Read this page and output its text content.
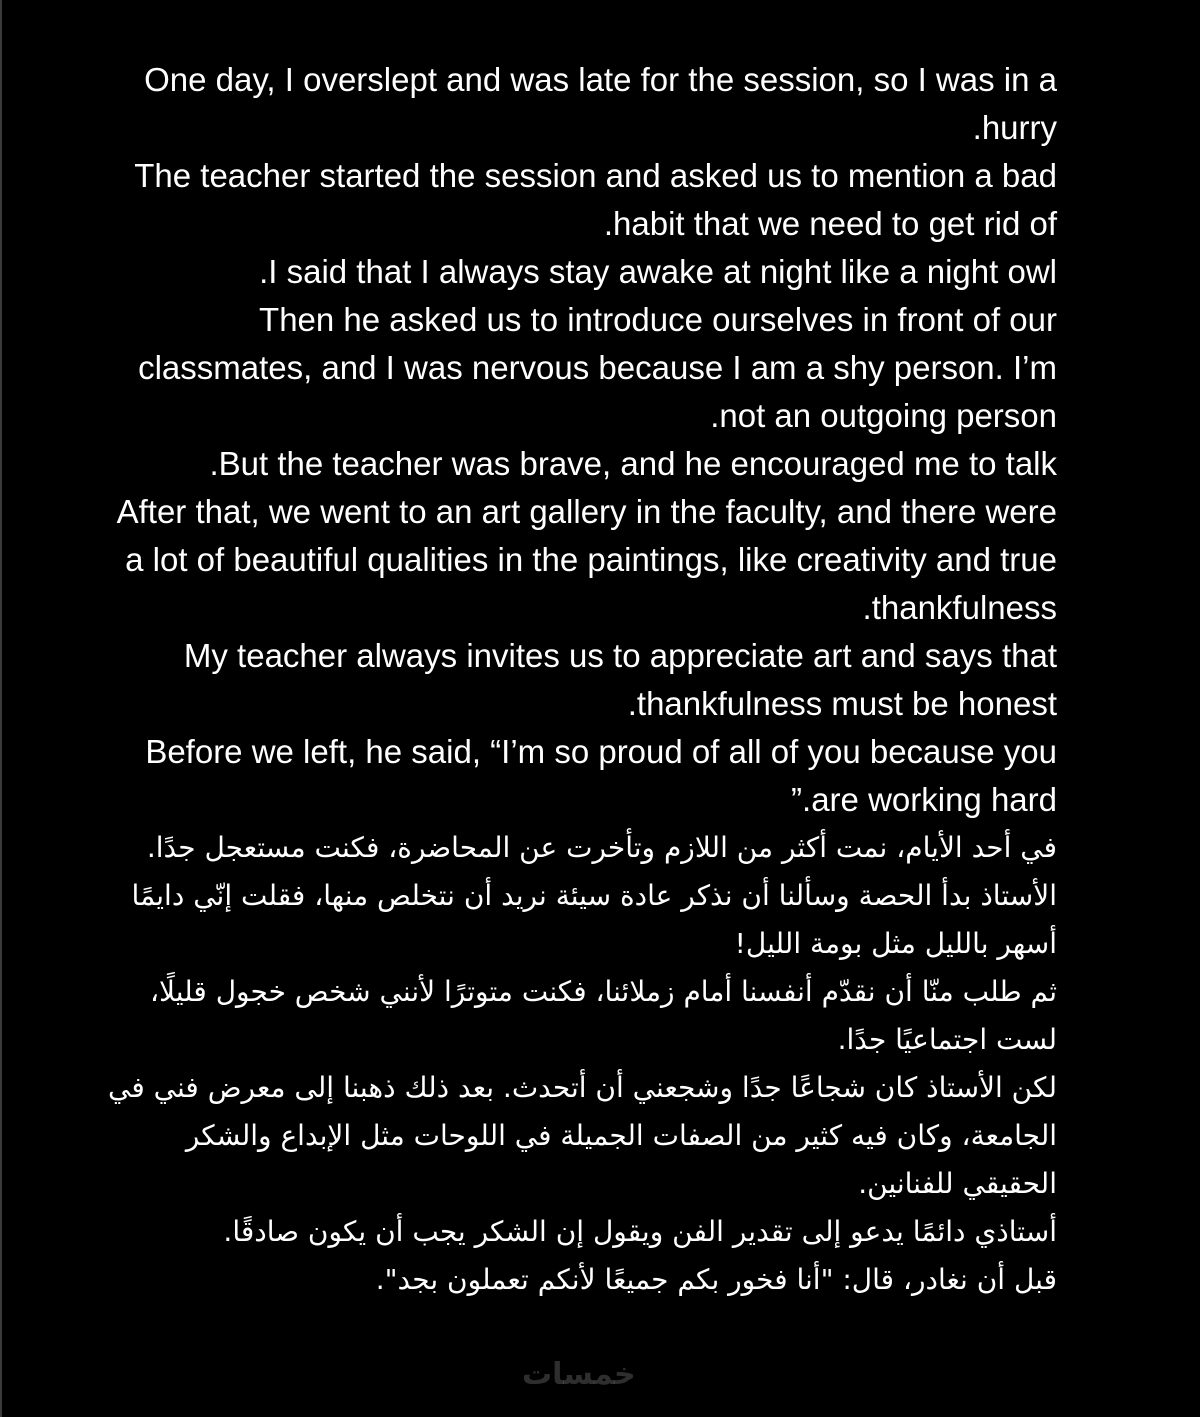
One day, I overslept and was late for the session, so I was in a hurry.

The teacher started the session and asked us to mention a bad habit that we need to get rid of.

I said that I always stay awake at night like a night owl.

Then he asked us to introduce ourselves in front of our classmates, and I was nervous because I am a shy person. I’m not an outgoing person.

But the teacher was brave, and he encouraged me to talk.

After that, we went to an art gallery in the faculty, and there were a lot of beautiful qualities in the paintings, like creativity and true thankfulness.

My teacher always invites us to appreciate art and says that thankfulness must be honest.

Before we left, he said, “I’m so proud of all of you because you are working hard.”

في أحد الأيام، نمت أكثر من اللازم وتأخرت عن المحاضرة، فكنت مستعجل جدًا.

الأستاذ بدأ الحصة وسألنا أن نذكر عادة سيئة نريد أن نتخلص منها، فقلت إنّي دايمًا أسهر بالليل مثل بومة الليل!

ثم طلب منّا أن نقدّم أنفسنا أمام زملائنا، فكنت متوترًا لأنني شخص خجول قليلًا، لست اجتماعيًا جدًا.

لكن الأستاذ كان شجاعًا جدًا وشجعني أن أتحدث. بعد ذلك ذهبنا إلى معرض فني في الجامعة، وكان فيه كثير من الصفات الجميلة في اللوحات مثل الإبداع والشكر الحقيقي للفنانين.

أستاذي دائمًا يدعو إلى تقدير الفن ويقول إن الشكر يجب أن يكون صادقًا.

قبل أن نغادر، قال: "أنا فخور بكم جميعًا لأنكم تعملون بجد".

خمسات
